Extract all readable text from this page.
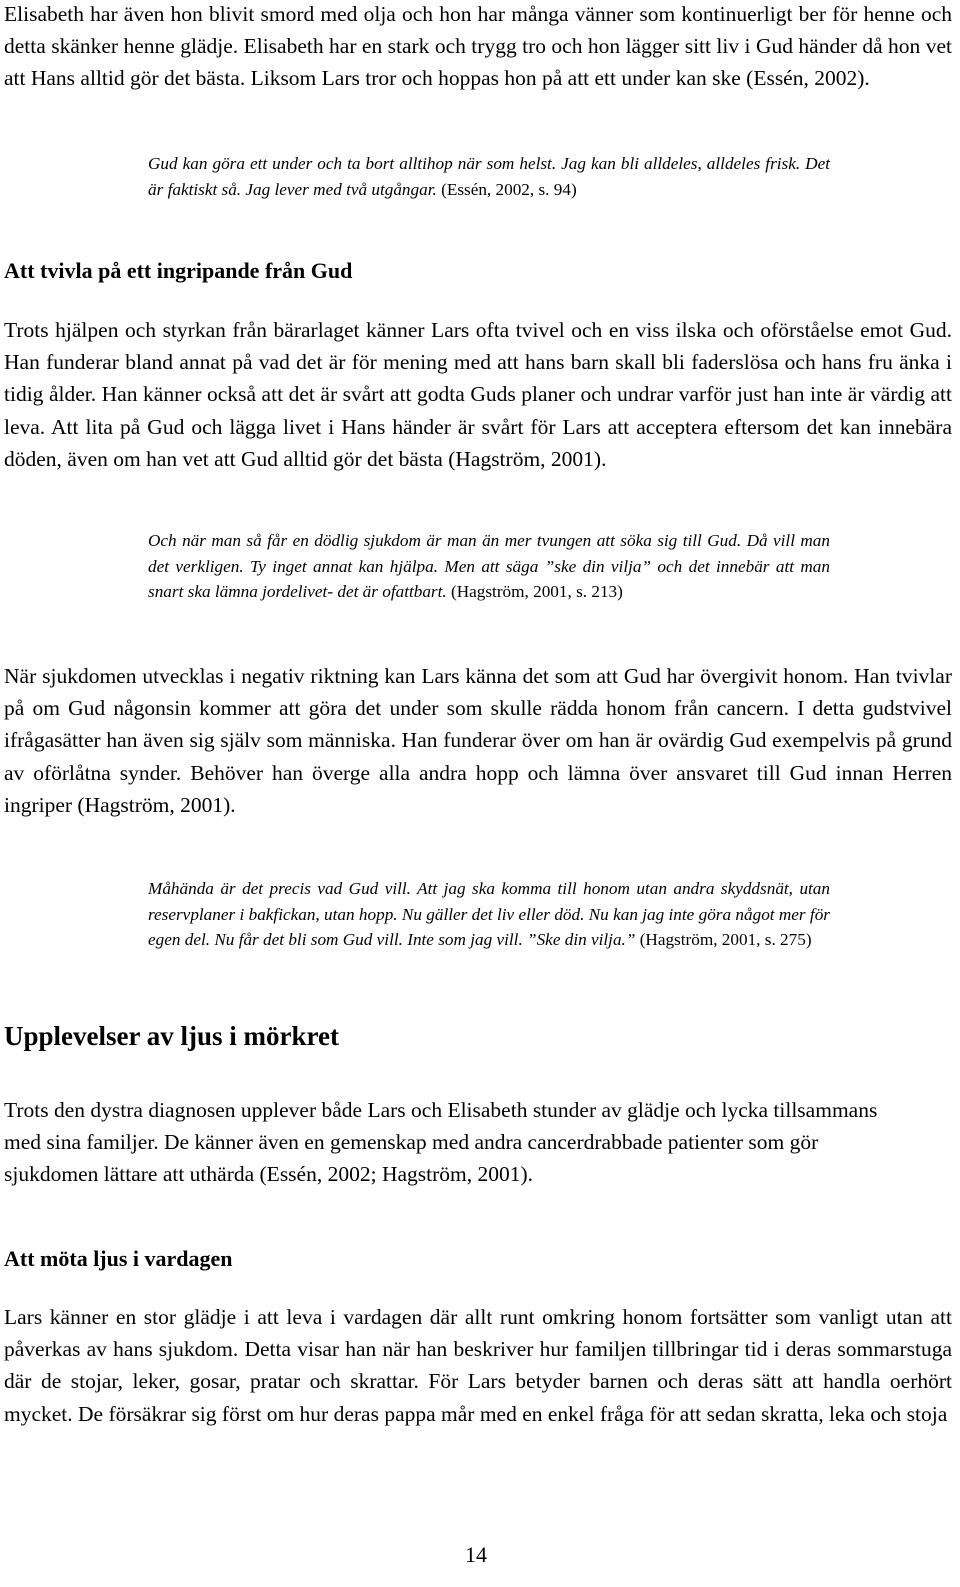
Elisabeth har även hon blivit smord med olja och hon har många vänner som kontinuerligt ber för henne och detta skänker henne glädje. Elisabeth har en stark och trygg tro och hon lägger sitt liv i Gud händer då hon vet att Hans alltid gör det bästa. Liksom Lars tror och hoppas hon på att ett under kan ske (Essén, 2002).

Gud kan göra ett under och ta bort alltihop när som helst. Jag kan bli alldeles, alldeles frisk. Det är faktiskt så. Jag lever med två utgångar. (Essén, 2002, s. 94)

Att tvivla på ett ingripande från Gud

Trots hjälpen och styrkan från bärarlaget känner Lars ofta tvivel och en viss ilska och oförståelse emot Gud. Han funderar bland annat på vad det är för mening med att hans barn skall bli faderslösa och hans fru änka i tidig ålder. Han känner också att det är svårt att godta Guds planer och undrar varför just han inte är värdig att leva. Att lita på Gud och lägga livet i Hans händer är svårt för Lars att acceptera eftersom det kan innebära döden, även om han vet att Gud alltid gör det bästa (Hagström, 2001).

Och när man så får en dödlig sjukdom är man än mer tvungen att söka sig till Gud. Då vill man det verkligen. Ty inget annat kan hjälpa. Men att säga ”ske din vilja” och det innebär att man snart ska lämna jordelivet- det är ofattbart. (Hagström, 2001, s. 213)

När sjukdomen utvecklas i negativ riktning kan Lars känna det som att Gud har övergivit honom. Han tvivlar på om Gud någonsin kommer att göra det under som skulle rädda honom från cancern. I detta gudstvivel ifrågasätter han även sig själv som människa. Han funderar över om han är ovärdig Gud exempelvis på grund av oförlåtna synder. Behöver han överge alla andra hopp och lämna över ansvaret till Gud innan Herren ingriper (Hagström, 2001).

Måhända är det precis vad Gud vill. Att jag ska komma till honom utan andra skyddsnät, utan reservplaner i bakfickan, utan hopp. Nu gäller det liv eller död. Nu kan jag inte göra något mer för egen del. Nu får det bli som Gud vill. Inte som jag vill. ”Ske din vilja.” (Hagström, 2001, s. 275)

Upplevelser av ljus i mörkret

Trots den dystra diagnosen upplever både Lars och Elisabeth stunder av glädje och lycka tillsammans med sina familjer. De känner även en gemenskap med andra cancerdrabbade patienter som gör sjukdomen lättare att uthärda (Essén, 2002; Hagström, 2001).

Att möta ljus i vardagen

Lars känner en stor glädje i att leva i vardagen där allt runt omkring honom fortsätter som vanligt utan att påverkas av hans sjukdom. Detta visar han när han beskriver hur familjen tillbringar tid i deras sommarstuga där de stojar, leker, gosar, pratar och skrattar. För Lars betyder barnen och deras sätt att handla oerhört mycket. De försäkrar sig först om hur deras pappa mår med en enkel fråga för att sedan skratta, leka och stoja

14
